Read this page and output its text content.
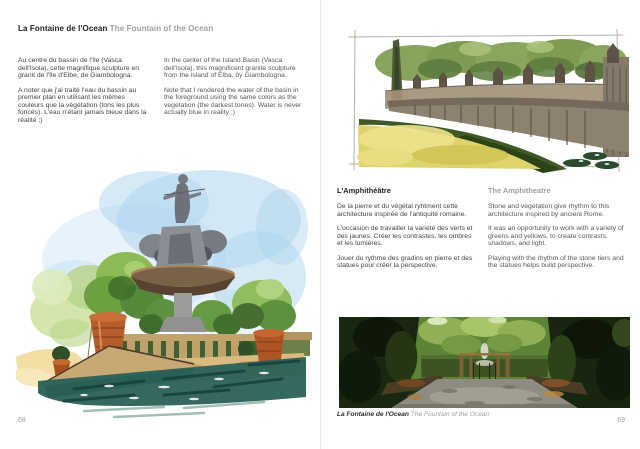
La Fontaine de l'Ocean The Fountain of the Ocean

Au centre du bassin de l'île (Vasca dell'Isola), cette magnifique sculpture en granit de l'île d'Elbe, de Giambologna.

A noter que j'ai traité l'eau du bassin au premier plan en utilisant les mêmes couleurs que la végétation (tons les plus foncés). L'eau n'étant jamais bleue dans la réalité ;)

In the center of the Island Basin (Vasca dell'Isola), this magnificent granite sculpture from the island of Elba, by Giambologna.

Note that I rendered the water of the basin in the foreground using the same colors as the vegetation (the darkest tones). Water is never actually blue in reality ;)

68
L'Amphithéâtre	The Amphitheatre

De la pierre et du végétal ryhtment cette architecture inspirée de l'antiquité romaine.

L'occasion de travailler la variété des verts et des jaunes. Créer les contrastes, les ombres et les lumières.

Jouer du rythme des gradins en pierre et des statues pour créer la perspective.

Stone and vegetation give rhythm to this architecture inspired by ancient Rome.

It was an opportunity to work with a variety of greens and yellows, to create contrasts, shadows, and light.

Playing with the rhythm of the stone tiers and the statues helps build perspective.

La Fontaine de l'Ocean The Fountain of the Ocean
69
